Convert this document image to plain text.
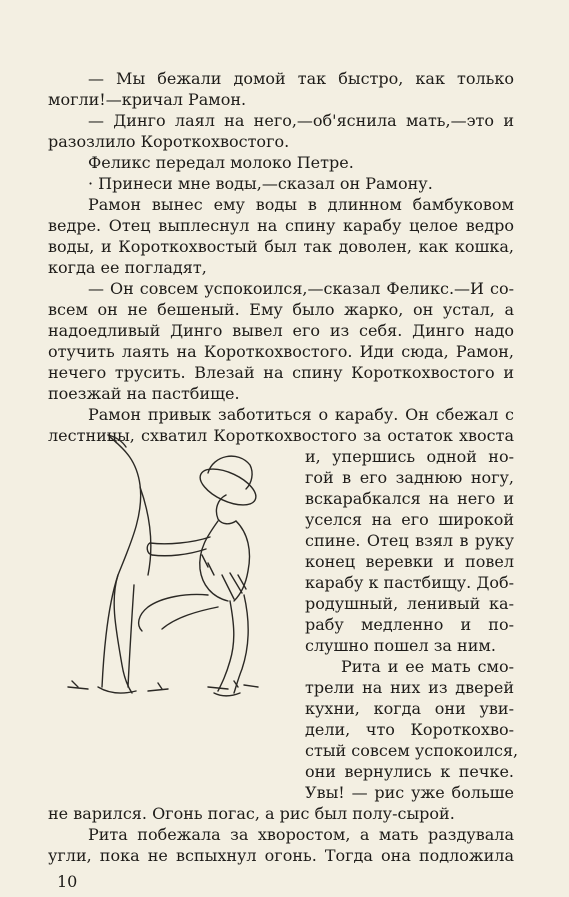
— Мы бежали домой так быстро, как только
могли!—кричал Рамон.
— Динго лаял на него,—об'яснила мать,—это и
разозлило Короткохвостого.
Феликс передал молоко Петре.
· Принеси мне воды,—сказал он Рамону.
Рамон вынес ему воды в длинном бамбуковом
ведре. Отец выплеснул на спину карабу целое ведро
воды, и Короткохвостый был так доволен, как кошка,
когда ее погладят,
— Он совсем успокоился,—сказал Феликс.—И со-
всем он не бешеный. Ему было жарко, он устал, а
надоедливый Динго вывел его из себя. Динго надо
отучить лаять на Короткохвостого. Иди сюда, Рамон,
нечего трусить. Влезай на спину Короткохвостого и
поезжай на пастбище.
Рамон привык заботиться о карабу. Он сбежал с
лестницы, схватил Короткохвостого за остаток хвоста
и, упершись одной но-
гой в его заднюю ногу,
вскарабкался на него и
уселся на его широкой
спине. Отец взял в руку
конец веревки и повел
карабу к пастбищу. Доб-
родушный, ленивый ка-
рабу медленно и по-
слушно пошел за ним.
Рита и ее мать смо-
трели на них из дверей
кухни, когда они уви-
дели, что Короткохво-
стый совсем успокоился,
они вернулись к печке.
Увы! — рис уже больше
не варился. Огонь погас, а рис был полу-сырой.
Рита побежала за хворостом, а мать раздувала
угли, пока не вспыхнул огонь. Тогда она подложила
10
